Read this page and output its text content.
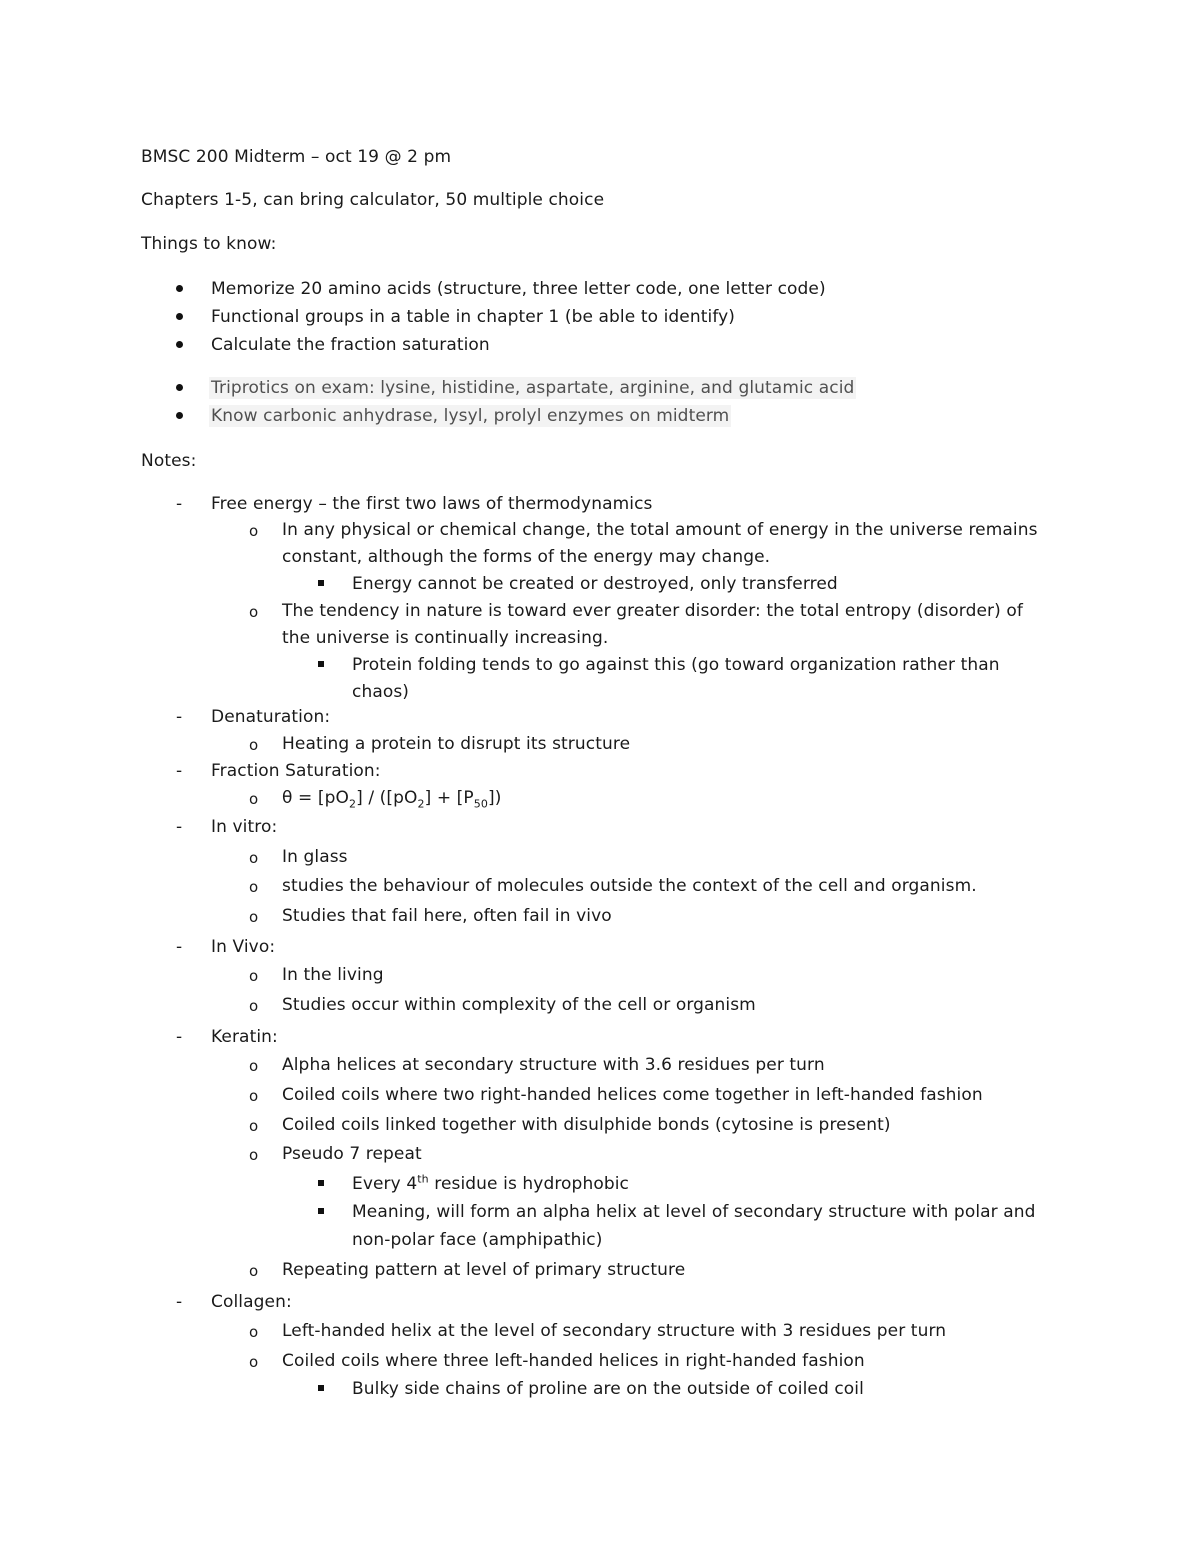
BMSC 200 Midterm – oct 19 @ 2 pm
Chapters 1-5, can bring calculator, 50 multiple choice
Things to know:
Memorize 20 amino acids (structure, three letter code, one letter code)
Functional groups in a table in chapter 1 (be able to identify)
Calculate the fraction saturation
Triprotics on exam: lysine, histidine, aspartate, arginine, and glutamic acid
Know carbonic anhydrase, lysyl, prolyl enzymes on midterm
Notes:
- Free energy – the first two laws of thermodynamics
o In any physical or chemical change, the total amount of energy in the universe remains
constant, although the forms of the energy may change.
Energy cannot be created or destroyed, only transferred
o The tendency in nature is toward ever greater disorder: the total entropy (disorder) of
the universe is continually increasing.
Protein folding tends to go against this (go toward organization rather than
chaos)
- Denaturation:
o Heating a protein to disrupt its structure
- Fraction Saturation:
o $\theta = [pO_2] / ([pO_2] + [P_{50}])$
- In vitro:
o In glass
o studies the behaviour of molecules outside the context of the cell and organism.
o Studies that fail here, often fail in vivo
- In Vivo:
o In the living
o Studies occur within complexity of the cell or organism
- Keratin:
o Alpha helices at secondary structure with 3.6 residues per turn
o Coiled coils where two right-handed helices come together in left-handed fashion
o Coiled coils linked together with disulphide bonds (cytosine is present)
o Pseudo 7 repeat
Every 4th residue is hydrophobic
Meaning, will form an alpha helix at level of secondary structure with polar and
non-polar face (amphipathic)
o Repeating pattern at level of primary structure
- Collagen:
o Left-handed helix at the level of secondary structure with 3 residues per turn
o Coiled coils where three left-handed helices in right-handed fashion
Bulky side chains of proline are on the outside of coiled coil
